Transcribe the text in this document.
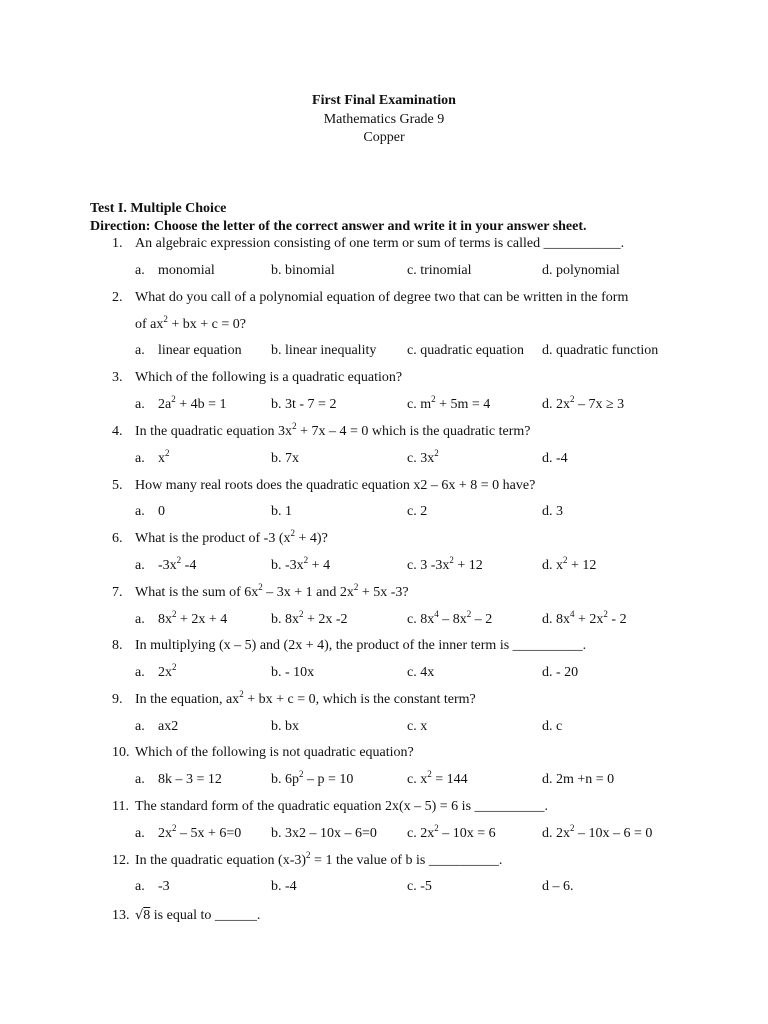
First Final Examination
Mathematics Grade 9
Copper
Test I. Multiple Choice
Direction: Choose the letter of the correct answer and write it in your answer sheet.
1. An algebraic expression consisting of one term or sum of terms is called ___________.
a. monomial	b. binomial	c. trinomial	d. polynomial
2. What do you call of a polynomial equation of degree two that can be written in the form
of $ax^2$ + bx + c = 0?
a. linear equation b. linear inequality c. quadratic equation d. quadratic function
3. Which of the following is a quadratic equation?
a. $2a^2 + 4b = 1$	b. 3t - 7 = 2	c. $m^2 + 5m = 4$	d. $2x^2 - 7x \ge 3$
4. In the quadratic equation $3x^2 + 7x - 4 = 0$ which is the quadratic term?
a. $x^2$	b. 7x	c. $3x^2$	d. -4
5. How many real roots does the quadratic equation x2 – 6x + 8 = 0 have?
a. 0	b. 1	c. 2	d. 3
6. What is the product of -3 $(x^2 + 4)$?
a. $-3x^2$ -4	b. $-3x^2 + 4$	c. 3 $-3x^2 + 12$	d. $x^2 + 12$
7. What is the sum of $6x^2 - 3x + 1$ and $2x^2 + 5x$ -3?
a. $8x^2 + 2x + 4$	b. $8x^2 + 2x$ -2	c. $8x^4 - 8x^2 - 2$	d. $8x^4 + 2x^2 - 2$
8. In multiplying (x – 5) and (2x + 4), the product of the inner term is __________.
a. $2x^2$	b. - 10x	c. 4x	d. - 20
9. In the equation, $ax^2$ + bx + c = 0, which is the constant term?
a. ax2	b. bx	c. x	d. c
10. Which of the following is not quadratic equation?
a. 8k – 3 = 12	b. $6p^2 - p = 10$	c. $x^2 = 144$	d. 2m +n = 0
11. The standard form of the quadratic equation 2x(x – 5) = 6 is __________.
a. $2x^2 - 5x + 6=0$ b. 3x2 – 10x – 6=0 c. $2x^2 - 10x = 6$	d. $2x^2 - 10x - 6 = 0$
12. In the quadratic equation $(x-3)^2 = 1$ the value of b is __________.
a. -3	b. -4	c. -5	d – 6.
13. √8 is equal to ______.
